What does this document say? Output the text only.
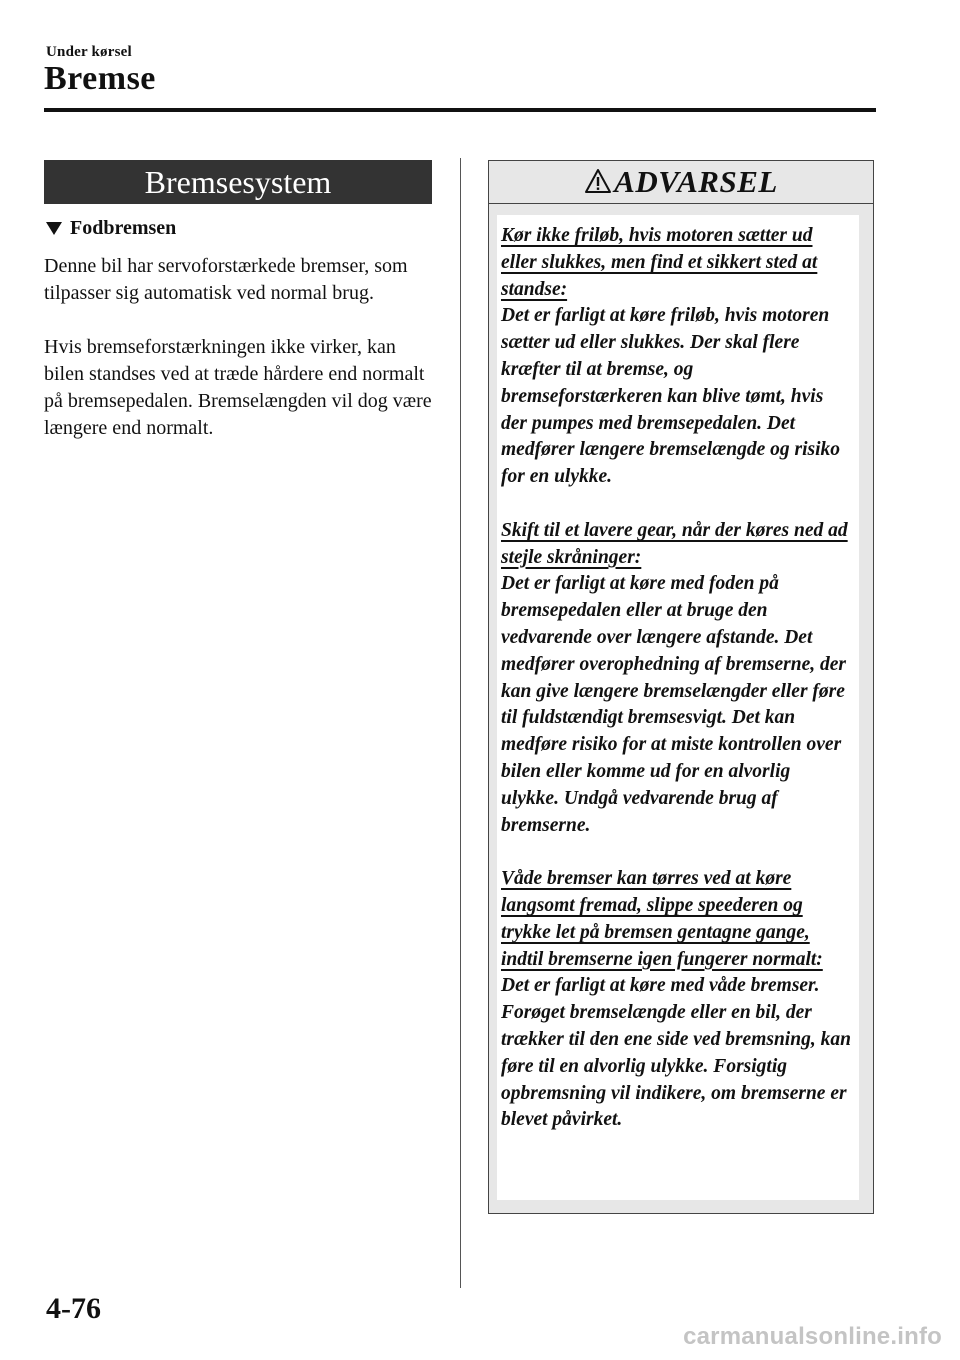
Under kørsel
Bremse
Bremsesystem
Fodbremsen

Denne bil har servoforstærkede bremser, som tilpasser sig automatisk ved normal brug.

Hvis bremseforstærkningen ikke virker, kan bilen standses ved at træde hårdere end normalt på bremsepedalen. Bremselængden vil dog være længere end normalt.

ADVARSEL

Kør ikke friløb, hvis motoren sætter ud eller slukkes, men find et sikkert sted at standse:

Det er farligt at køre friløb, hvis motoren sætter ud eller slukkes. Der skal flere kræfter til at bremse, og bremseforstærkeren kan blive tømt, hvis der pumpes med bremsepedalen. Det medfører længere bremselængde og risiko for en ulykke.

Skift til et lavere gear, når der køres ned ad stejle skråninger:

Det er farligt at køre med foden på bremsepedalen eller at bruge den vedvarende over længere afstande. Det medfører overophedning af bremserne, der kan give længere bremselængder eller føre til fuldstændigt bremsesvigt. Det kan medføre risiko for at miste kontrollen over bilen eller komme ud for en alvorlig ulykke. Undgå vedvarende brug af bremserne.

Våde bremser kan tørres ved at køre langsomt fremad, slippe speederen og trykke let på bremsen gentagne gange, indtil bremserne igen fungerer normalt:

Det er farligt at køre med våde bremser. Forøget bremselængde eller en bil, der trækker til den ene side ved bremsning, kan føre til en alvorlig ulykke. Forsigtig opbremsning vil indikere, om bremserne er blevet påvirket.

4-76
carmanualsonline.info
